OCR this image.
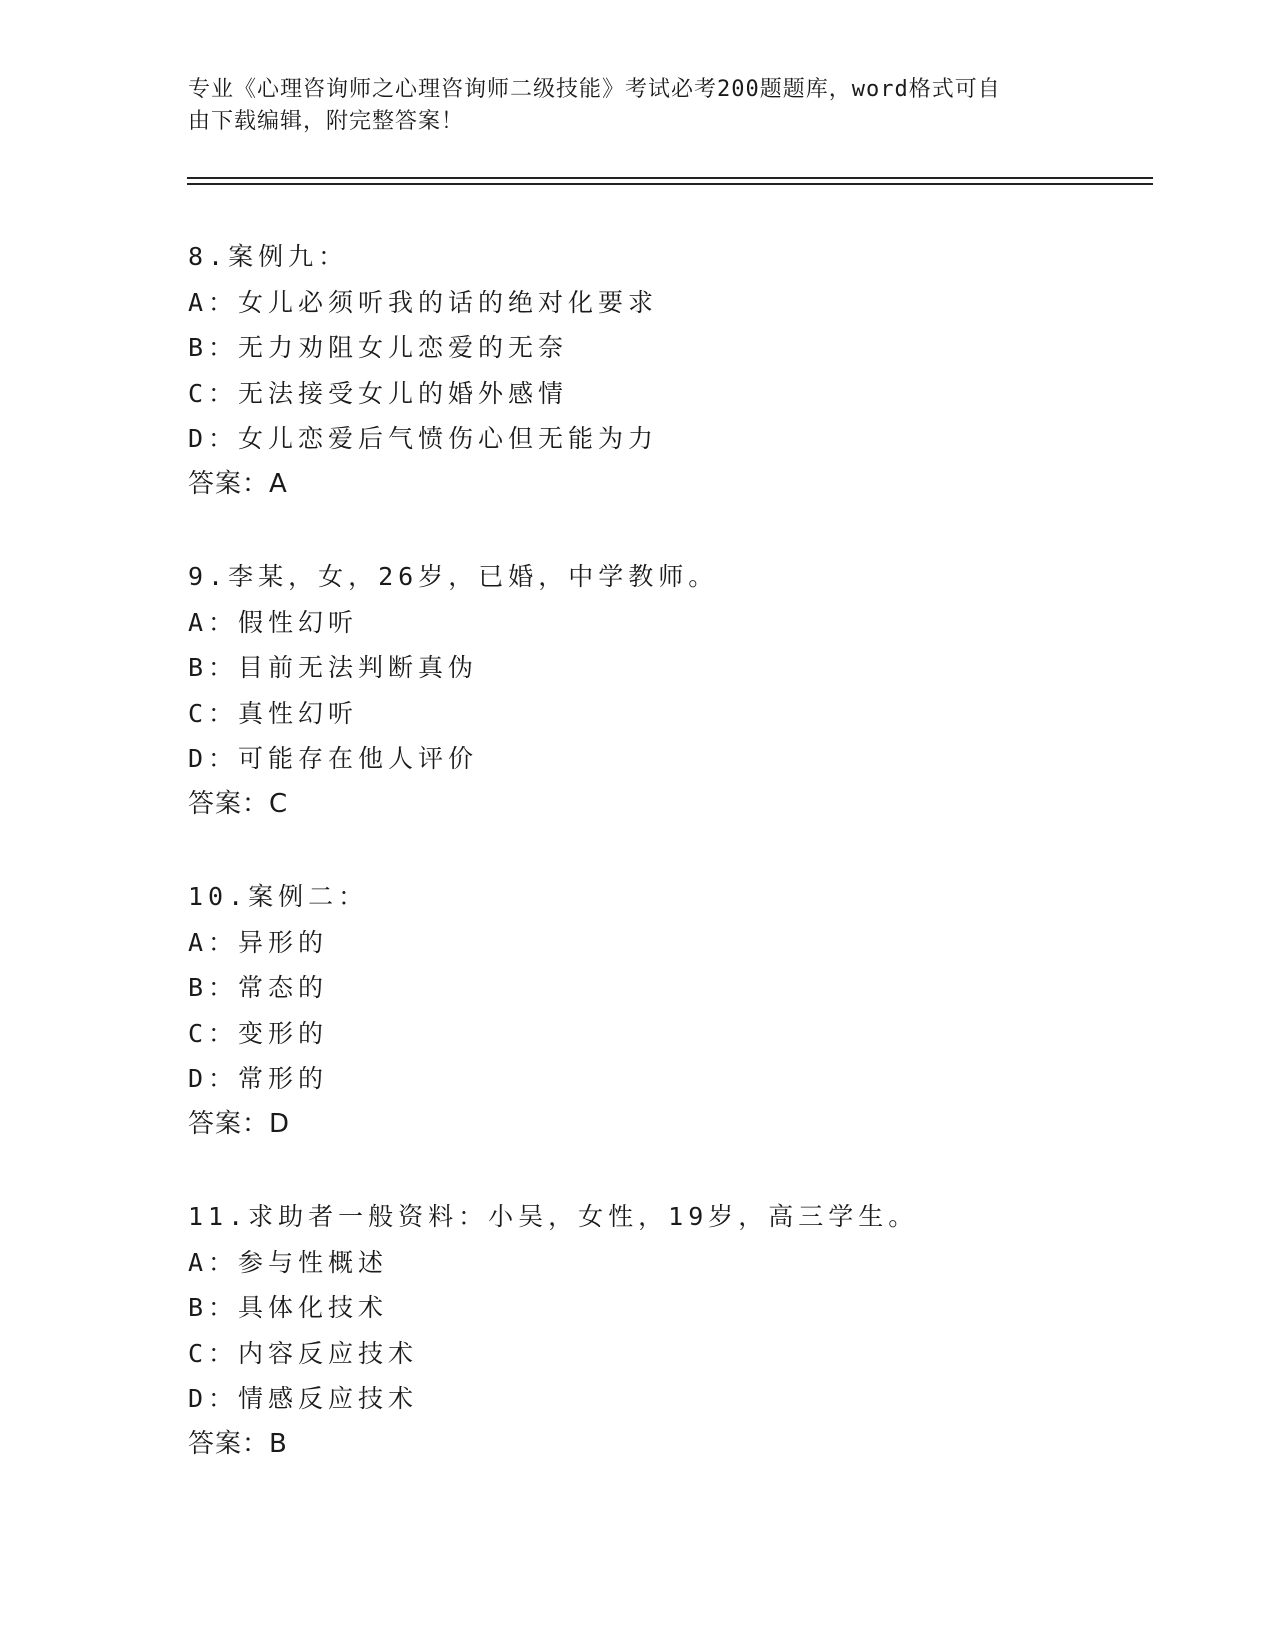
专业《心理咨询师之心理咨询师二级技能》考试必考200题题库，word格式可自
由下载编辑，附完整答案！
8.案例九：
A：女儿必须听我的话的绝对化要求
B：无力劝阻女儿恋爱的无奈
C：无法接受女儿的婚外感情
D：女儿恋爱后气愤伤心但无能为力
答案：A
9.李某，女，26岁，已婚，中学教师。
A：假性幻听
B：目前无法判断真伪
C：真性幻听
D：可能存在他人评价
答案：C
10.案例二：
A：异形的
B：常态的
C：变形的
D：常形的
答案：D
11.求助者一般资料：小吴，女性，19岁，高三学生。
A：参与性概述
B：具体化技术
C：内容反应技术
D：情感反应技术
答案：B
